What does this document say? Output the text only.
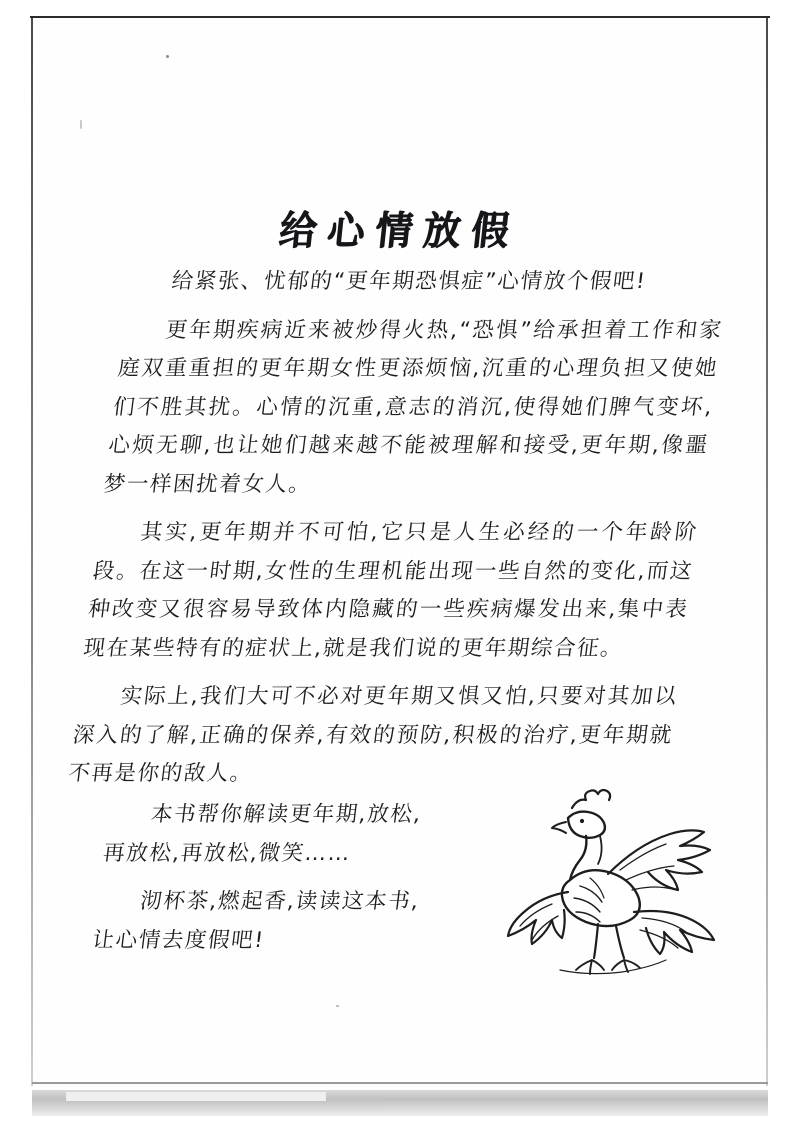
给心情放假

给紧张、忧郁的“更年期恐惧症”心情放个假吧!

更年期疾病近来被炒得火热,“恐惧”给承担着工作和家庭双重重担的更年期女性更添烦恼,沉重的心理负担又使她们不胜其扰。心情的沉重,意志的消沉,使得她们脾气变坏,心烦无聊,也让她们越来越不能被理解和接受,更年期,像噩梦一样困扰着女人。

其实,更年期并不可怕,它只是人生必经的一个年龄阶段。在这一时期,女性的生理机能出现一些自然的变化,而这种改变又很容易导致体内隐藏的一些疾病爆发出来,集中表现在某些特有的症状上,就是我们说的更年期综合征。

实际上,我们大可不必对更年期又惧又怕,只要对其加以深入的了解,正确的保养,有效的预防,积极的治疗,更年期就不再是你的敌人。

本书帮你解读更年期,放松,再放松,再放松,微笑……

沏杯茶,燃起香,读读这本书,让心情去度假吧!
